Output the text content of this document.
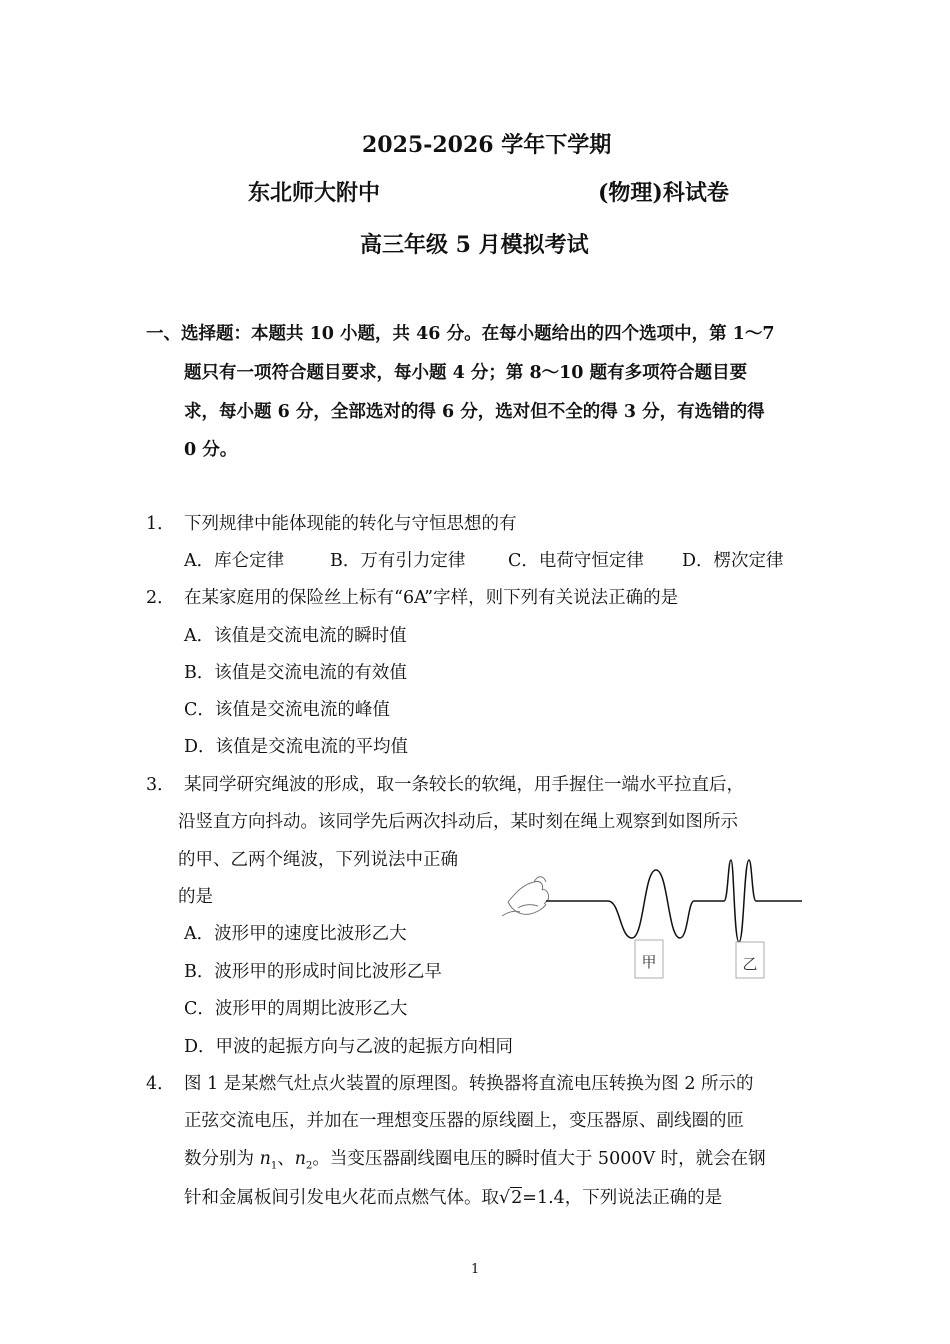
2025-2026 学年下学期
东北师大附中	(物理)科试卷
高三年级 5 月模拟考试
一、选择题：本题共 10 小题，共 46 分。在每小题给出的四个选项中，第 1～7
题只有一项符合题目要求，每小题 4 分；第 8～10 题有多项符合题目要
求，每小题 6 分，全部选对的得 6 分，选对但不全的得 3 分，有选错的得
0 分。
1． 下列规律中能体现能的转化与守恒思想的有
A．库仑定律	B．万有引力定律 C．电荷守恒定律 D．楞次定律
2． 在某家庭用的保险丝上标有“6A”字样，则下列有关说法正确的是
A．该值是交流电流的瞬时值
B．该值是交流电流的有效值
C．该值是交流电流的峰值
D．该值是交流电流的平均值
3． 某同学研究绳波的形成，取一条较长的软绳，用手握住一端水平拉直后，
沿竖直方向抖动。该同学先后两次抖动后，某时刻在绳上观察到如图所示
的甲、乙两个绳波，下列说法中正确
的是
A．波形甲的速度比波形乙大
B．波形甲的形成时间比波形乙早
C．波形甲的周期比波形乙大
D．甲波的起振方向与乙波的起振方向相同
甲	乙
4． 图 1 是某燃气灶点火装置的原理图。转换器将直流电压转换为图 2 所示的
正弦交流电压，并加在一理想变压器的原线圈上，变压器原、副线圈的匝
数分别为 $n_1$、$n_2$。当变压器副线圈电压的瞬时值大于 5000V 时，就会在钢
针和金属板间引发电火花而点燃气体。取√2=1.4，下列说法正确的是
1
